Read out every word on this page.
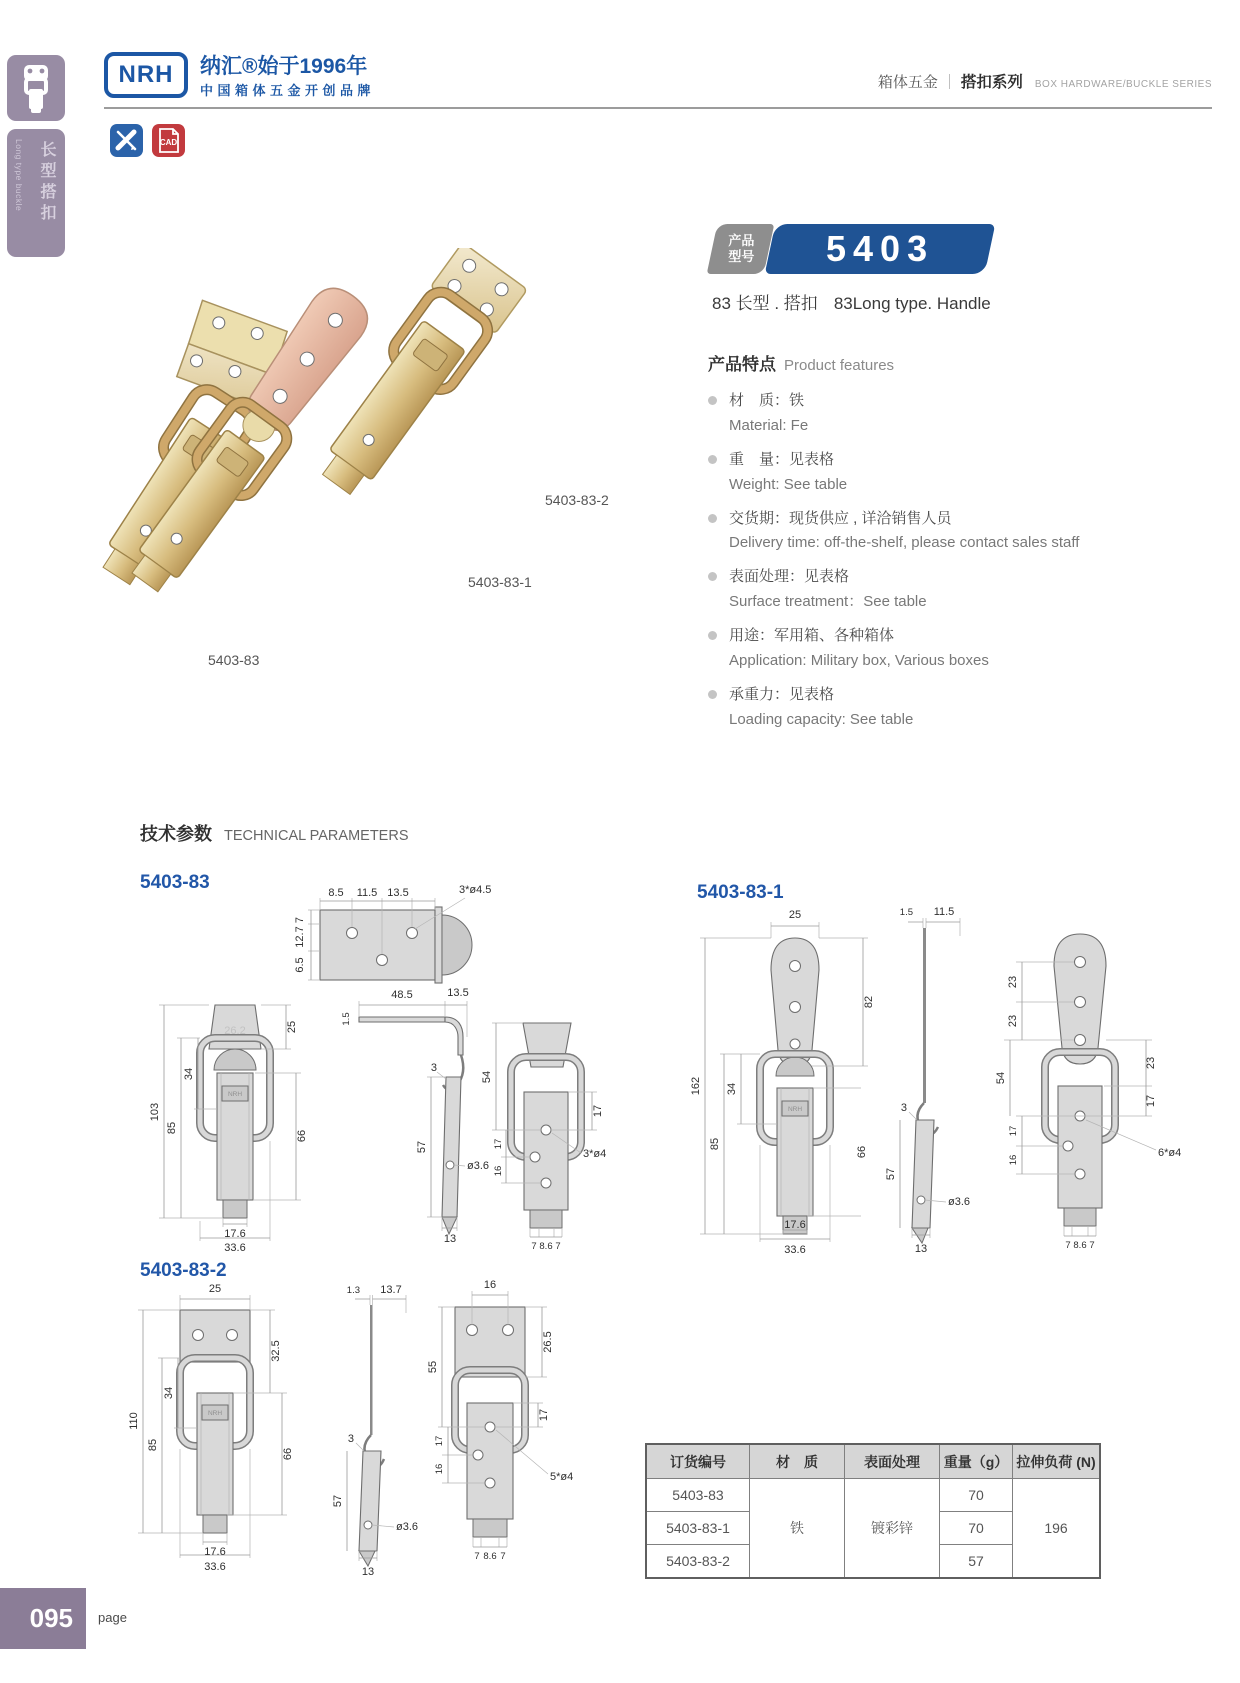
Long type buckle 长型搭扣
NRH 纳汇®始于1996年
中国箱体五金开创品牌	箱体五金 ｜ 搭扣系列 BOX HARDWARE/BUCKLE SERIES
CAD
5403-83-2
5403-83-1
5403-83
产品
型号	5403
83 长型 . 搭扣 83Long type. Handle
产品特点 Product features
材　质：铁
Material: Fe
重　量：见表格
Weight: See table
交货期：现货供应 , 详洽销售人员
Delivery time: off-the-shelf, please contact sales staff
表面处理：见表格
Surface treatment：See table
用途：军用箱、各种箱体
Application: Military box, Various boxes
承重力：见表格
Loading capacity: See table
技术参数 TECHNICAL PARAMETERS
5403-83	5403-83-1
5403-83-2
8.5 11.5 13.5	3*ø4.5
7
12.7
6.5
NRH
26.2	25
66
103
85
34
17.6
33.6
48.5	13.5
1.5
3
57
ø3.6
13
54
17
16
17
3*ø4
7 8.6 7
NRH
25
82
162
85
34
66
17.6
33.6
1.5 11.5
3
57
ø3.6
13
23
23
54
17
16
23
17
6*ø4
7 8.6 7
NRH
25
32.5
66
110
85
34
17.6
33.6
1.3 13.7
3
57
ø3.6
13
16
26.5
55
17
17
16
5*ø4
7 8.6 7
订货编号	材　质	表面处理	重量（g）	拉伸负荷 (N)
5403-83	铁	镀彩锌	70	196
5403-83-1			70	
5403-83-2			57	
095	page
